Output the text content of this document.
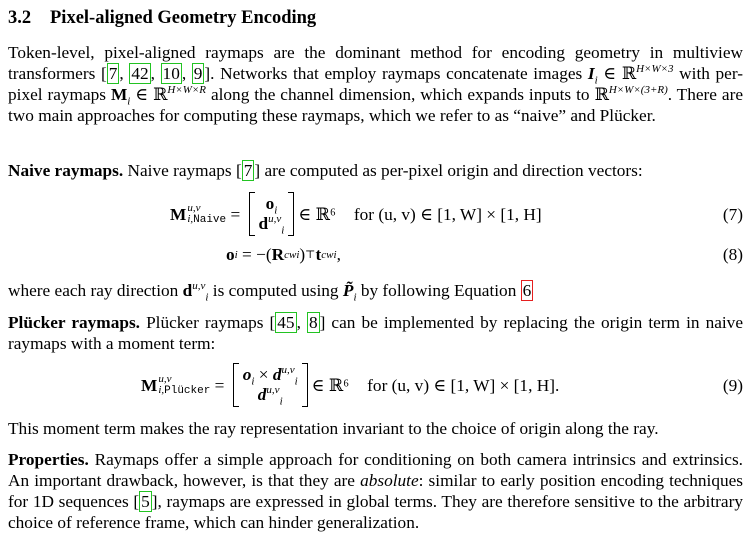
3.2 Pixel-aligned Geometry Encoding

Token-level, pixel-aligned raymaps are the dominant method for encoding geometry in multiview transformers [ 7 , 42 , 10 , 9 ]. Networks that employ raymaps concatenate images $I_i$ ∈ ℝ$^{H\times W\times 3}$ with per-pixel raymaps $M_i$ ∈ ℝ$^{H\times W\times R}$ along the channel dimension, which expands inputs to ℝ$^{H\times W\times(3+R)}$. There are two main approaches for computing these raymaps, which we refer to as “naive” and Plücker.

Naive raymaps. Naive raymaps [ 7 ] are computed as per-pixel origin and direction vectors:

M u,v
i,Naive =
$o_i$
$d^{u,v}_i$
∈ ℝ⁶ for (u, v) ∈ [1, W] × [1, H]	(7)
o i = −( R cw i ) ⊤ t cw i ,	(8)

where each ray direction $d^{u,v}_i$ is computed using $P̃_i$ by following Equation 6

Plücker raymaps. Plücker raymaps [ 45 , 8 ] can be implemented by replacing the origin term in naive raymaps with a moment term:

M u,v
i,Plücker =
$o_i \times d^{u,v}_i$
$d^{u,v}_i$
∈ ℝ⁶ for (u, v) ∈ [1, W] × [1, H].	(9)

This moment term makes the ray representation invariant to the choice of origin along the ray.

Properties. Raymaps offer a simple approach for conditioning on both camera intrinsics and extrinsics. An important drawback, however, is that they are absolute: similar to early position encoding techniques for 1D sequences [ 5 ], raymaps are expressed in global terms. They are therefore sensitive to the arbitrary choice of reference frame, which can hinder generalization.
